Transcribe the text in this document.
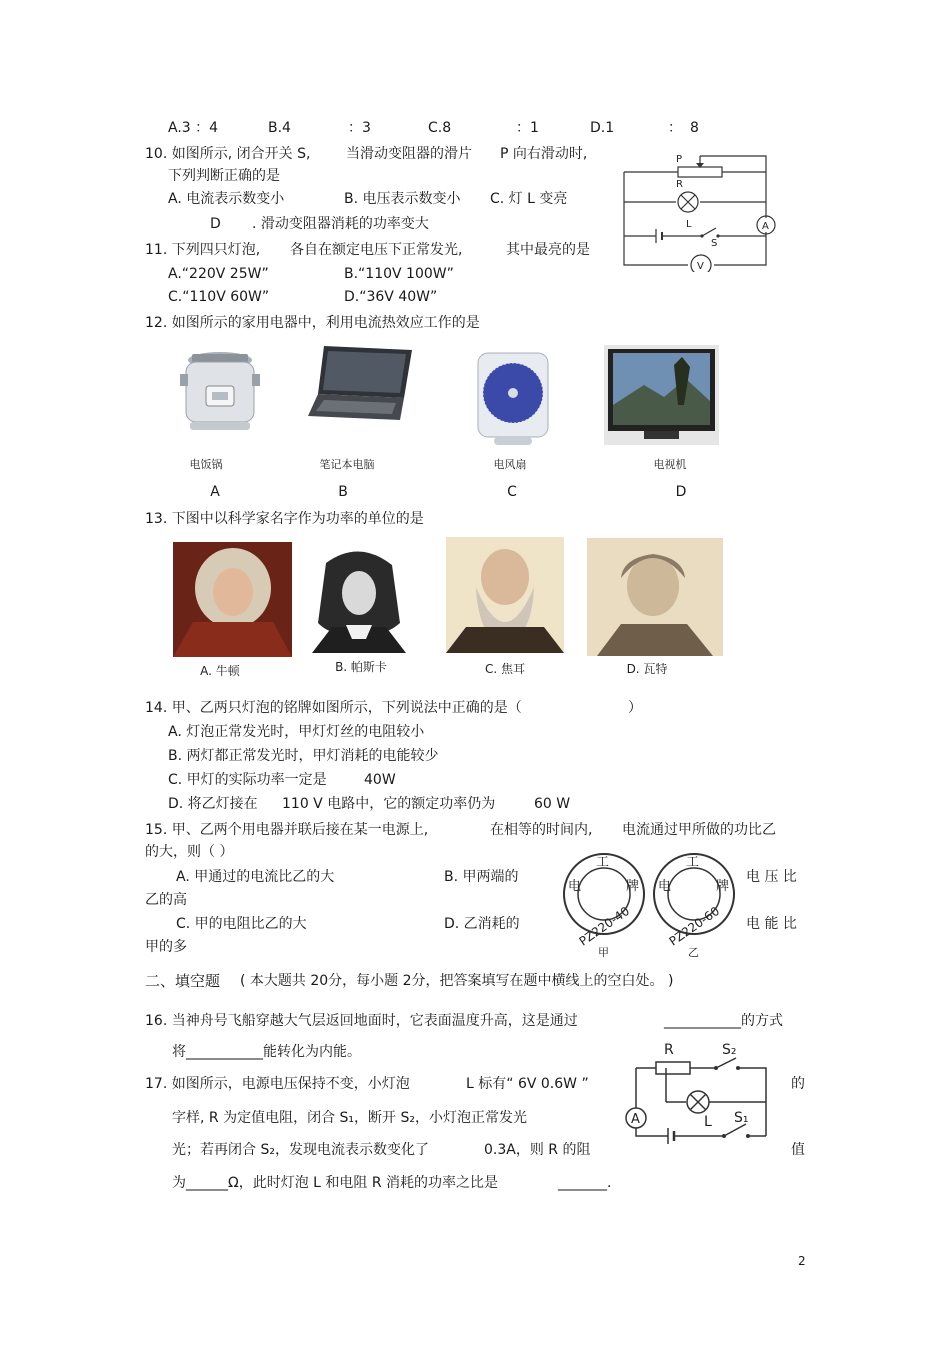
A.3 ：4	B.4	：3	C.8	：1	D.1	： 8
10. 如图所示, 闭合开关 S,	当滑动变阻器的滑片 P 向右滑动时,
下列判断正确的是
A. 电流表示数变小	B. 电压表示数变小 C. 灯 L 变亮
D . 滑动变阻器消耗的功率变大
P
R
L
S
A
V
11. 下列四只灯泡, 各自在额定电压下正常发光,	其中最亮的是
A.“220V 25W”	B.“110V 100W”
C.“110V 60W”	D.“36V 40W”
12. 如图所示的家用电器中，利用电流热效应工作的是
电饭锅
A
笔记本电脑
B
电风扇
C
电视机
D
13. 下图中以科学家名字作为功率的单位的是
A. 牛顿	B. 帕斯卡	C. 焦耳	D. 瓦特
14. 甲、乙两只灯泡的铭牌如图所示，下列说法中正确的是（	）
A. 灯泡正常发光时，甲灯灯丝的电阻较小
B. 两灯都正常发光时，甲灯消耗的电能较少
C. 甲灯的实际功率一定是	40W
D. 将乙灯接在 110 V 电路中，它的额定功率仍为	60 W
15. 甲、乙两个用电器并联后接在某一电源上,	在相等的时间内, 电流通过甲所做的功比乙
的大，则（ ）
A. 甲通过的电流比乙的大	B. 甲两端的	电 压 比
乙的高
C. 甲的电阻比乙的大	D. 乙消耗的	电 能 比
甲的多
工
电	牌
PZ220-40
甲
工
电	牌
PZ220-60
乙
二、填空题 ( 本大题共 20分，每小题 2分，把答案填写在题中横线上的空白处。 )
16. 当神舟号飞船穿越大气层返回地面时，它表面温度升高，这是通过	___________的方式
将___________能转化为内能。
17. 如图所示，电源电压保持不变，小灯泡	L 标有“ 6V 0.6W ”	的
字样, R 为定值电阻，闭合 S₁，断开 S₂，小灯泡正常发光
光；若再闭合 S₂，发现电流表示数变化了	0.3A，则 R 的阻	值
为______Ω，此时灯泡 L 和电阻 R 消耗的功率之比是	_______.
R	S₂
L S₁
A
2
